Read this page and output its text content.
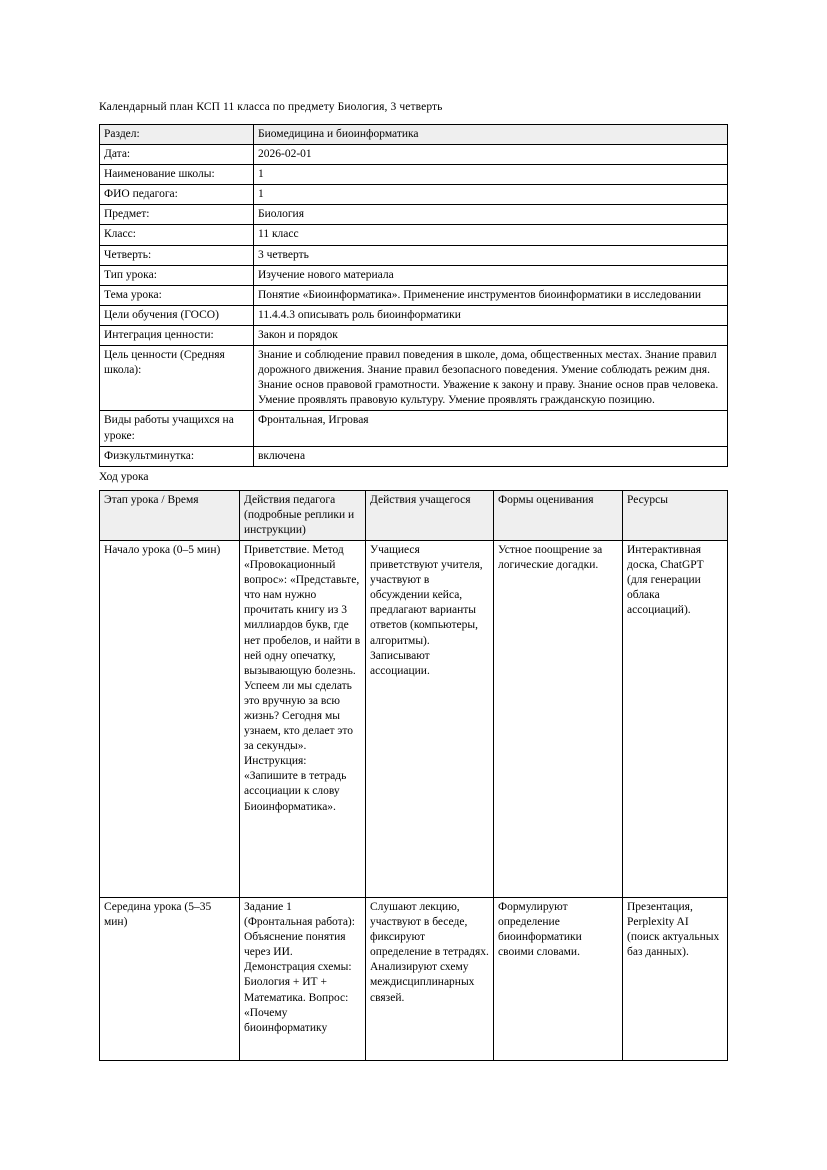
Календарный план КСП 11 класса по предмету Биология, 3 четверть
Раздел:	Биомедицина и биоинформатика
Дата:	2026-02-01
Наименование школы:	1
ФИО педагога:	1
Предмет:	Биология
Класс:	11 класс
Четверть:	3 четверть
Тип урока:	Изучение нового материала
Тема урока:	Понятие «Биоинформатика». Применение инструментов биоинформатики в исследовании
Цели обучения (ГОСО)	11.4.4.3 описывать роль биоинформатики
Интеграция ценности:	Закон и порядок
Цель ценности (Средняя школа):	Знание и соблюдение правил поведения в школе, дома, общественных местах. Знание правил дорожного движения. Знание правил безопасного поведения. Умение соблюдать режим дня. Знание основ правовой грамотности. Уважение к закону и праву. Знание основ прав человека. Умение проявлять правовую культуру. Умение проявлять гражданскую позицию.
Виды работы учащихся на уроке:	Фронтальная, Игровая
Физкультминутка:	включена
Ход урока
Этап урока / Время	Действия педагога (подробные реплики и инструкции)	Действия учащегося	Формы оценивания	Ресурсы

Начало урока (0–5 мин)	Приветствие. Метод «Провокационный вопрос»: «Представьте, что нам нужно прочитать книгу из 3 миллиардов букв, где нет пробелов, и найти в ней одну опечатку, вызывающую болезнь. Успеем ли мы сделать это вручную за всю жизнь? Сегодня мы узнаем, кто делает это за секунды». Инструкция: «Запишите в тетрадь ассоциации к слову Биоинформатика».	Учащиеся приветствуют учителя, участвуют в обсуждении кейса, предлагают варианты ответов (компьютеры, алгоритмы). Записывают ассоциации.	Устное поощрение за логические догадки.	Интерактивная доска, ChatGPT (для генерации облака ассоциаций).

Середина урока (5–35 мин)	Задание 1 (Фронтальная работа): Объяснение понятия через ИИ. Демонстрация схемы: Биология + ИТ + Математика. Вопрос: «Почему биоинформатику	Слушают лекцию, участвуют в беседе, фиксируют определение в тетрадях. Анализируют схему междисциплинарных связей.	Формулируют определение биоинформатики своими словами.	Презентация, Perplexity AI (поиск актуальных баз данных).
